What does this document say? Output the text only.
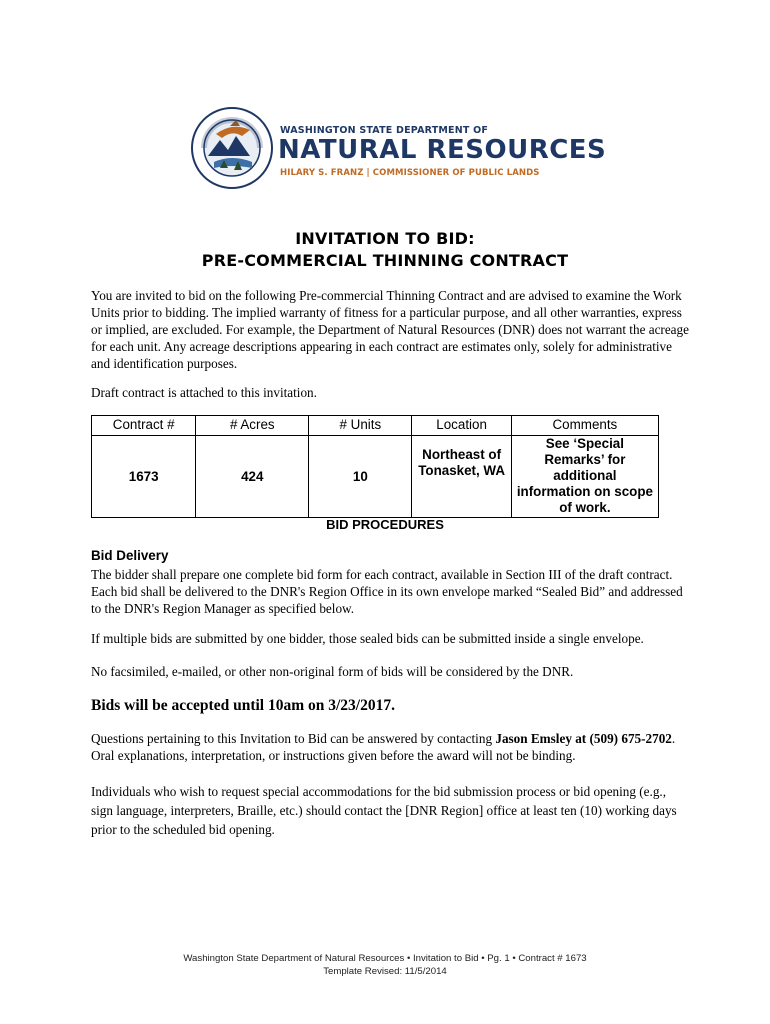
WASHINGTON STATE DEPARTMENT OF
NATURAL RESOURCES
HILARY S. FRANZ | COMMISSIONER OF PUBLIC LANDS
INVITATION TO BID:
PRE-COMMERCIAL THINNING CONTRACT
You are invited to bid on the following Pre-commercial Thinning Contract and are advised to examine the Work Units prior to bidding. The implied warranty of fitness for a particular purpose, and all other warranties, express or implied, are excluded. For example, the Department of Natural Resources (DNR) does not warrant the acreage for each unit. Any acreage descriptions appearing in each contract are estimates only, solely for administrative and identification purposes.
Draft contract is attached to this invitation.
Contract #	# Acres	# Units	Location	Comments
1673	424	10	Northeast of Tonasket, WA	See ‘Special Remarks’ for additional information on scope of work.
BID PROCEDURES
Bid Delivery
The bidder shall prepare one complete bid form for each contract, available in Section III of the draft contract. Each bid shall be delivered to the DNR's Region Office in its own envelope marked “Sealed Bid” and addressed to the DNR's Region Manager as specified below.
If multiple bids are submitted by one bidder, those sealed bids can be submitted inside a single envelope.
No facsimiled, e-mailed, or other non-original form of bids will be considered by the DNR.
Bids will be accepted until 10am on 3/23/2017.
Questions pertaining to this Invitation to Bid can be answered by contacting Jason Emsley at (509) 675-2702. Oral explanations, interpretation, or instructions given before the award will not be binding.
Individuals who wish to request special accommodations for the bid submission process or bid opening (e.g., sign language, interpreters, Braille, etc.) should contact the [DNR Region] office at least ten (10) working days prior to the scheduled bid opening.
Washington State Department of Natural Resources • Invitation to Bid • Pg. 1 • Contract # 1673
Template Revised: 11/5/2014
